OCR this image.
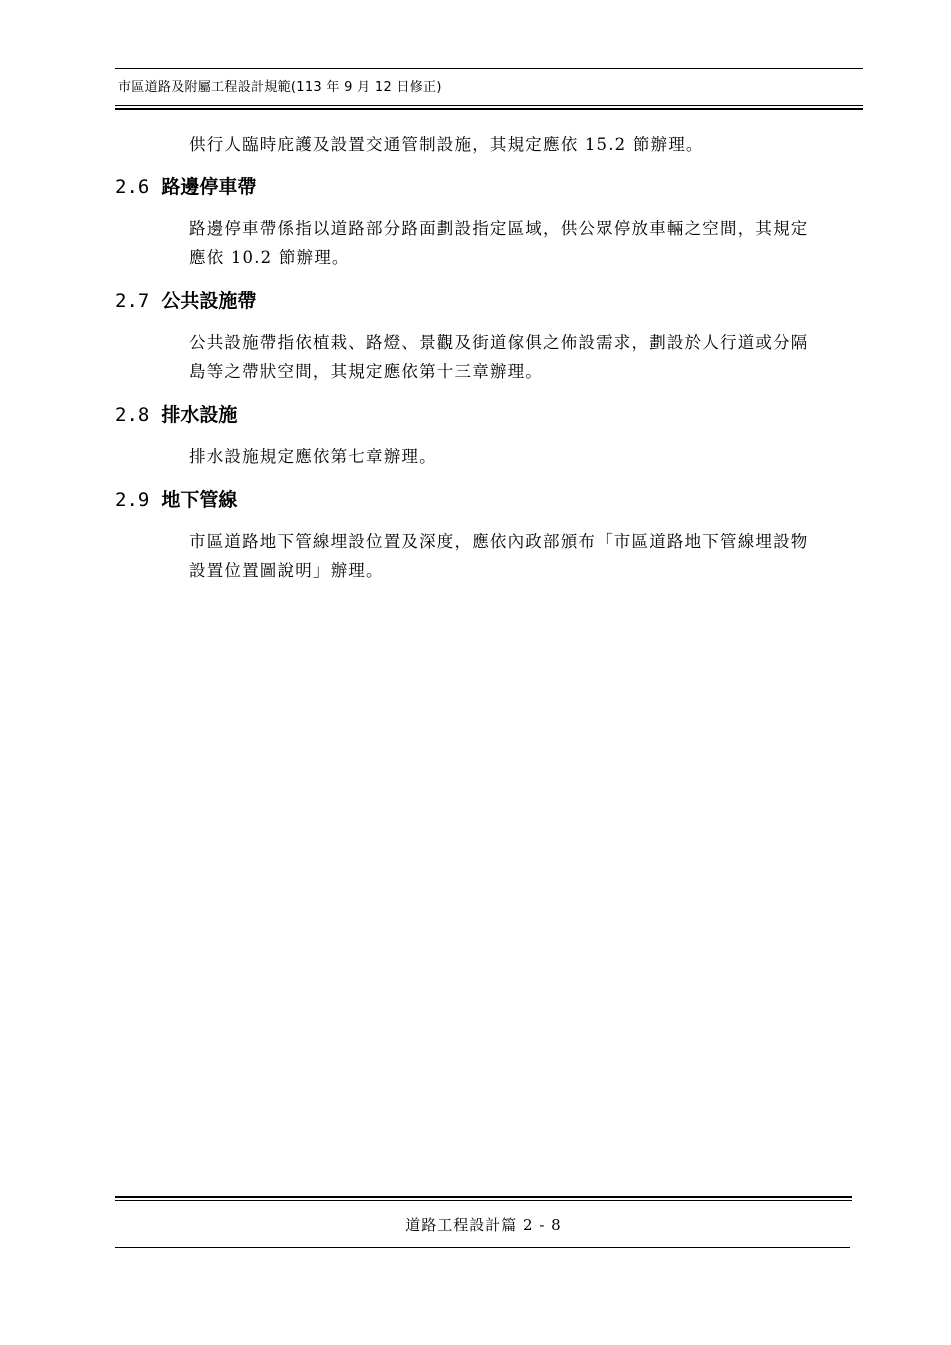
市區道路及附屬工程設計規範(113 年 9 月 12 日修正)

供行人臨時庇護及設置交通管制設施，其規定應依 15.2 節辦理。

2.6 路邊停車帶

路邊停車帶係指以道路部分路面劃設指定區域，供公眾停放車輛之空間，其規定

應依 10.2 節辦理。

2.7 公共設施帶

公共設施帶指依植栽、路燈、景觀及街道傢俱之佈設需求，劃設於人行道或分隔

島等之帶狀空間，其規定應依第十三章辦理。

2.8 排水設施

排水設施規定應依第七章辦理。

2.9 地下管線

市區道路地下管線埋設位置及深度，應依內政部頒布「市區道路地下管線埋設物

設置位置圖說明」辦理。

道路工程設計篇 2 - 8
